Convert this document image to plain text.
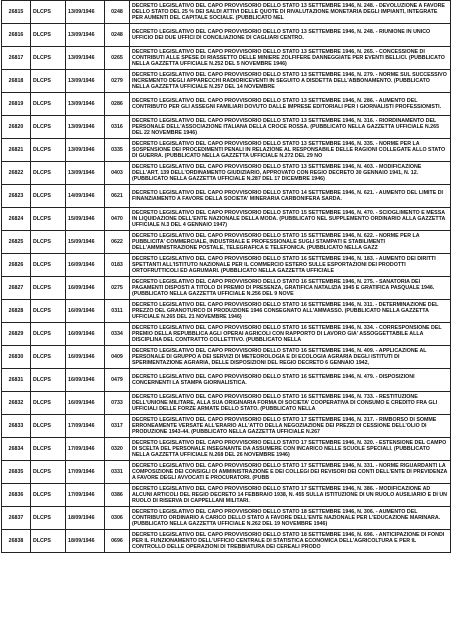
26815	DLCPS	13/09/1946	0248	DECRETO LEGISLATIVO DEL CAPO PROVVISORIO DELLO STATO 13 SETTEMBRE 1946, N. 248. - DEVOLUZIONE A FAVORE DELLO STATO DEL 25 % DEI SALDI ATTIVI DELLE QUOTE DI RIVALUTAZIONE MONETARIA DEGLI IMPIANTI, INTEGRATE PER AUMENTI DEL CAPITALE SOCIALE. (PUBBLICATO NEL

26816	DLCPS	13/09/1946	0248	DECRETO LEGISLATIVO DEL CAPO PROVVISORIO DELLO STATO 13 SETTEMBRE 1946, N. 248. - RIUNIONE IN UNICO UFFICIO DEI DUE UFFICI DI CONCILIAZIONE DI CAGLIARI CENTRO.

26817	DLCPS	13/09/1946	0265	DECRETO LEGISLATIVO DEL CAPO PROVVISORIO DELLO STATO 13 SETTEMBRE 1946, N. 265. - CONCESSIONE DI CONTRIBUTI ALLE SPESE DI RIASSETTO DELLE MINIERE ZOLFIFERE DANNEGGIATE PER EVENTI BELLICI. (PUBBLICATO NELLA GAZZETTA UFFICIALE N.252 DEL 5 NOVEMBRE 1946)

26818	DLCPS	13/09/1946	0279	DECRETO LEGISLATIVO DEL CAPO PROVVISORIO DELLO STATO 13 SETTEMBRE 1946, N. 279. - NORME SUL SUCCESSIVO INCREMENTO DEGLI APPARECCHI RADIORICEVENTI IN SEGUITO A DISDETTA DELL'ABBONAMENTO. (PUBBLICATO NELLA GAZZETTA UFFICIALE N.257 DEL 14 NOVEMBRE

26819	DLCPS	13/09/1946	0286	DECRETO LEGISLATIVO DEL CAPO PROVVISORIO DELLO STATO 13 SETTEMBRE 1946, N. 286. - AUMENTO DEL CONTRIBUTO PER GLI ASSEGNI FAMILIARI DOVUTO DALLE IMPRESE EDITORIALI PER I GIORNALISTI PROFESSIONISTI.

26820	DLCPS	13/09/1946	0316	DECRETO LEGISLATIVO DEL CAPO PROVVISORIO DELLO STATO 13 SETTEMBRE 1946, N. 316. - RIORDINAMENTO DEL PERSONALE DELL'ASSOCIAZIONE ITALIANA DELLA CROCE ROSSA. (PUBBLICATO NELLA GAZZETTA UFFICIALE N.265 DEL 22 NOVEMBRE 1946)

26821	DLCPS	13/09/1946	0335	DECRETO LEGISLATIVO DEL CAPO PROVVISORIO DELLO STATO 13 SETTEMBRE 1946, N. 335. - NORME PER LA SOSPENSIONE DEI PROCEDIMENTI PENALI IN RELAZIONE AL RESPONSABILE DELLE RAGIONI COLLEGATE ALLO STATO DI GUERRA. (PUBBLICATO NELLA GAZZETTA UFFICIALE N.272 DEL 29 NO

26822	DLCPS	13/09/1946	0403	DECRETO LEGISLATIVO DEL CAPO PROVVISORIO DELLO STATO 13 SETTEMBRE 1946, N. 403. - MODIFICAZIONE DELL'ART. 139 DELL'ORDINAMENTO GIUDIZIARIO, APPROVATO CON REGIO DECRETO 30 GENNAIO 1941, N. 12. (PUBBLICATO NELLA GAZZETTA UFFICIALE N.287 DEL 17 DICEMBRE 1946)

26823	DLCPS	14/09/1946	0621	DECRETO LEGISLATIVO DEL CAPO PROVVISORIO DELLO STATO 14 SETTEMBRE 1946, N. 621. - AUMENTO DEL LIMITE DI FINANZIAMENTO A FAVORE DELLA SOCIETA' MINERARIA CARBONIFERA SARDA.

26824	DLCPS	15/09/1946	0470	DECRETO LEGISLATIVO DEL CAPO PROVVISORIO DELLO STATO 15 SETTEMBRE 1946, N. 470. - SCIOGLIMENTO E MESSA IN LIQUIDAZIONE DELL'ENTE NAZIONALE DELLA MODA. (PUBBLICATO NEL SUPPLEMENTO ORDINARIO ALLA GAZZETTA UFFICIALE N.3 DEL 4 GENNAIO 1947)

26825	DLCPS	15/09/1946	0622	DECRETO LEGISLATIVO DEL CAPO PROVVISORIO DELLO STATO 15 SETTEMBRE 1946, N. 622. - NORME PER LA PUBBLICITA' COMMERCIALE, INDUSTRIALE E PROFESSIONALE SUGLI STAMPATI E STABILIMENTI DELL'AMMINISTRAZIONE POSTALE, TELEGRAFICA E TELEFONICA. (PUBBLICATO NELLA GAZZ

26826	DLCPS	16/09/1946	0183	DECRETO LEGISLATIVO DEL CAPO PROVVISORIO DELLO STATO 16 SETTEMBRE 1946, N. 183. - AUMENTO DEI DIRITTI SPETTANTI ALL'ISTITUTO NAZIONALE PER IL COMMERCIO ESTERO SULLE ESPORTAZIONI DEI PRODOTTI ORTOFRUTTICOLI ED AGRUMARI. (PUBBLICATO NELLA GAZZETTA UFFICIALE

26827	DLCPS	16/09/1946	0275	DECRETO LEGISLATIVO DEL CAPO PROVVISORIO DELLO STATO 16 SETTEMBRE 1946, N. 275. - SANATORIA DEI PAGAMENTI DISPOSTI A TITOLO DI PREMIO DI PRESENZA, GRATIFICA NATALIZIA 1945 E GRATIFICA PASQUALE 1946. (PUBBLICATO NELLA GAZZETTA UFFICIALE N.256 DEL 9 NOVE

26828	DLCPS	16/09/1946	0311	DECRETO LEGISLATIVO DEL CAPO PROVVISORIO DELLO STATO 16 SETTEMBRE 1946, N. 311. - DETERMINAZIONE DEL PREZZO DEL GRANOTURCO DI PRODUZIONE 1946 CONSEGNATO ALL'AMMASSO. (PUBBLICATO NELLA GAZZETTA UFFICIALE N.265 DEL 21 NOVEMBRE 1946)

26829	DLCPS	16/09/1946	0334	DECRETO LEGISLATIVO DEL CAPO PROVVISORIO DELLO STATO 16 SETTEMBRE 1946, N. 334. - CORRESPONSIONE DEL PREMIO DELLA REPUBBLICA AGLI OPERAI AGRICOLI CON RAPPORTO DI LAVORO GIA' ASSOGGETTABILE ALLA DISCIPLINA DEL CONTRATTO COLLETTIVO. (PUBBLICATO NELLA

26830	DLCPS	16/09/1946	0409	DECRETO LEGISLATIVO DEL CAPO PROVVISORIO DELLO STATO 16 SETTEMBRE 1946, N. 409. - APPLICAZIONE AL PERSONALE DI GRUPPO A DEI SERVIZI DI METEOROLOGIA E DI ECOLOGIA AGRARIA DEGLI ISTITUTI DI SPERIMENTAZIONE AGRARIA, DELLE DISPOSIZIONI DEL REGIO DECRETO 6 GENNAIO 1942,

26831	DLCPS	16/09/1946	0479	DECRETO LEGISLATIVO DEL CAPO PROVVISORIO DELLO STATO 16 SETTEMBRE 1946, N. 479. - DISPOSIZIONI CONCERNENTI LA STAMPA GIORNALISTICA.

26832	DLCPS	16/09/1946	0733	DECRETO LEGISLATIVO DEL CAPO PROVVISORIO DELLO STATO 16 SETTEMBRE 1946, N. 733. - RESTITUZIONE DELL'UNIONE MILITARE, ALLA SUA ORIGINARIA FORMA DI SOCIETA' COOPERATIVA DI CONSUMO E CREDITO FRA GLI UFFICIALI DELLE FORZE ARMATE DELLO STATO. (PUBBLICATO NELLA

26833	DLCPS	17/09/1946	0317	DECRETO LEGISLATIVO DEL CAPO PROVVISORIO DELLO STATO 17 SETTEMBRE 1946, N. 317. - RIMBORSO DI SOMME ERRONEAMENTE VERSATE ALL'ERARIO ALL'ATTO DELLA NEGOZIAZIONE DEI PREZZI DI CESSIONE DELL'OLIO DI PRODUZIONE 1943-44. (PUBBLICATO NELLA GAZZETTA UFFICIALE N.267

26834	DLCPS	17/09/1946	0320	DECRETO LEGISLATIVO DEL CAPO PROVVISORIO DELLO STATO 17 SETTEMBRE 1946, N. 320. - ESTENSIONE DEL CAMPO DI SCELTA DEL PERSONALE INSEGNANTE DA ASSUMERE CON INCARICO NELLE SCUOLE SPECIALI. (PUBBLICATO NELLA GAZZETTA UFFICIALE N.268 DEL 26 NOVEMBRE 1946)

26835	DLCPS	17/09/1946	0331	DECRETO LEGISLATIVO DEL CAPO PROVVISORIO DELLO STATO 17 SETTEMBRE 1946, N. 331. - NORME RIGUARDANTI LA COMPOSIZIONE DEI CONSIGLI DI AMMINISTRAZIONE E DEI COLLEGI DEI REVISORI DEI CONTI DELL'ENTE DI PREVIDENZA A FAVORE DEGLI AVVOCATI E PROCURATORI. (PUBB

26836	DLCPS	17/09/1946	0386	DECRETO LEGISLATIVO DEL CAPO PROVVISORIO DELLO STATO 17 SETTEMBRE 1946, N. 386. - MODIFICAZIONE AD ALCUNI ARTICOLI DEL REGIO DECRETO 14 FEBBRAIO 1938, N. 455 SULLA ISTITUZIONE DI UN RUOLO AUSILIARIO E DI UN RUOLO DI RISERVA DI CAPPELLANI MILITARI.

26837	DLCPS	18/09/1946	0306	DECRETO LEGISLATIVO DEL CAPO PROVVISORIO DELLO STATO 18 SETTEMBRE 1946, N. 306. - AUMENTO DEL CONTRIBUTO ORDINARIO A CARICO DELLO STATO A FAVORE DELL'ENTE NAZIONALE PER L'EDUCAZIONE MARINARA. (PUBBLICATO NELLA GAZZETTA UFFICIALE N.262 DEL 19 NOVEMBRE 1946)

26838	DLCPS	18/09/1946	0696	DECRETO LEGISLATIVO DEL CAPO PROVVISORIO DELLO STATO 18 SETTEMBRE 1946, N. 696. - ANTICIPAZIONE DI FONDI PER IL FUNZIONAMENTO DELL'UFFICIO CENTRALE DI STATISTICA ECONOMICA DELL'AGRICOLTURA E PER IL CONTROLLO DELLE OPERAZIONI DI TREBBIATURA DEI CEREALI PRODO
